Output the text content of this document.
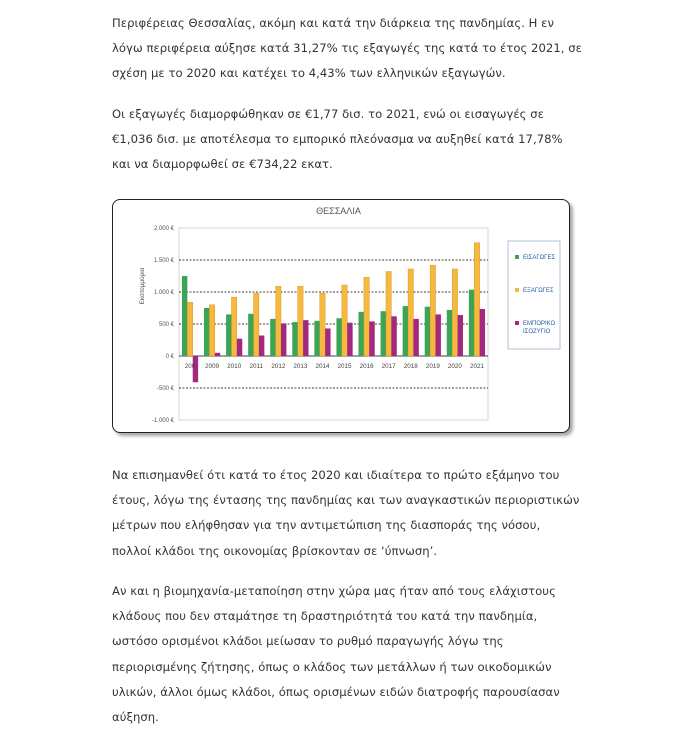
Περιφέρειας Θεσσαλίας, ακόμη και κατά την διάρκεια της πανδημίας. Η εν λόγω περιφέρεια αύξησε κατά 31,27% τις εξαγωγές της κατά το έτος 2021, σε σχέση με το 2020 και κατέχει το 4,43% των ελληνικών εξαγωγών.

Οι εξαγωγές διαμορφώθηκαν σε €1,77 δισ. το 2021, ενώ οι εισαγωγές σε €1,036 δισ. με αποτέλεσμα το εμπορικό πλεόνασμα να αυξηθεί κατά 17,78% και να διαμορφωθεί σε €734,22 εκατ.

ΘΕΣΣΑΛΙΑ
-1.000 €
-500 €
0 €
500 €
1.000 €
1.500 €
2.000 €
Εκατομμύρια
200 2009 2010 2011 2012 2013 2014 2015 2016 2017 2018 2019 2020 2021
ΕΙΣΑΓΩΓΕΣ
ΕΞΑΓΩΓΕΣ
ΕΜΠΟΡΙΚΟ
ΙΣΟΖΥΓΙΟ

Να επισημανθεί ότι κατά το έτος 2020 και ιδιαίτερα το πρώτο εξάμηνο του έτους, λόγω της έντασης της πανδημίας και των αναγκαστικών περιοριστικών μέτρων που ελήφθησαν για την αντιμετώπιση της διασποράς της νόσου, πολλοί κλάδοι της οικονομίας βρίσκονταν σε ‘ύπνωση’.

Αν και η βιομηχανία-μεταποίηση στην χώρα μας ήταν από τους ελάχιστους κλάδους που δεν σταμάτησε τη δραστηριότητά του κατά την πανδημία, ωστόσο ορισμένοι κλάδοι μείωσαν το ρυθμό παραγωγής λόγω της περιορισμένης ζήτησης, όπως ο κλάδος των μετάλλων ή των οικοδομικών υλικών, άλλοι όμως κλάδοι, όπως ορισμένων ειδών διατροφής παρουσίασαν αύξηση.
